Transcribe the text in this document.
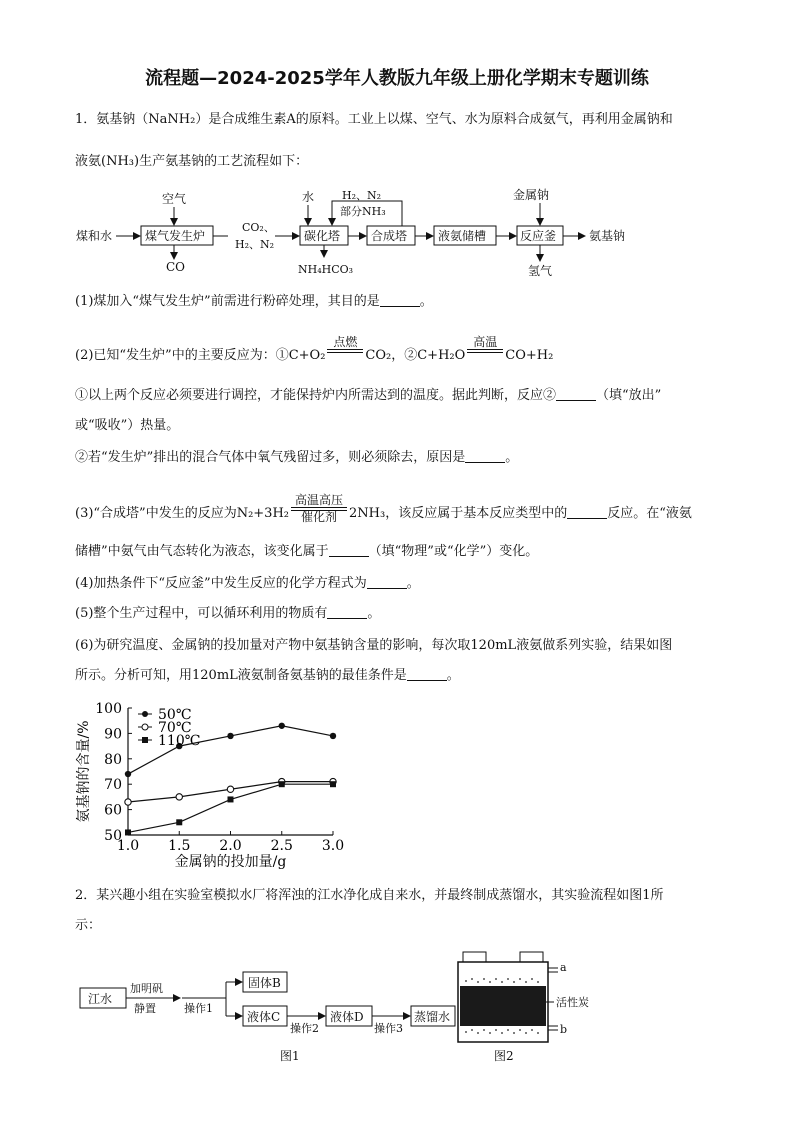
流程题—2024-2025学年人教版九年级上册化学期末专题训练
1．氨基钠（NaNH₂）是合成维生素A的原料。工业上以煤、空气、水为原料合成氨气，再利用金属钠和
液氨(NH₃)生产氨基钠的工艺流程如下：
煤和水
空气
煤气发生炉
CO
CO₂、
H₂、N₂
水
碳化塔
NH₄HCO₃
H₂、N₂
部分NH₃
合成塔	液氨储槽
金属钠
反应釜	氨基钠
氢气
(1)煤加入“煤气发生炉”前需进行粉碎处理，其目的是	。
(2)已知“发生炉”中的主要反应为：①C+O₂
点燃
CO₂，②C+H₂O
高温
CO+H₂
①以上两个反应必须要进行调控，才能保持炉内所需达到的温度。据此判断，反应②	（填“放出”
或“吸收”）热量。
②若“发生炉”排出的混合气体中氧气残留过多，则必须除去，原因是	。
(3)“合成塔”中发生的反应为N₂+3H₂
高温高压
催化剂 2NH₃，该反应属于基本反应类型中的	反应。在“液氨
储槽”中氨气由气态转化为液态，该变化属于	（填“物理”或“化学”）变化。
(4)加热条件下“反应釜”中发生反应的化学方程式为	。
(5)整个生产过程中，可以循环利用的物质有	。
(6)为研究温度、金属钠的投加量对产物中氨基钠含量的影响，每次取120mL液氨做系列实验，结果如图
所示。分析可知，用120mL液氨制备氨基钠的最佳条件是	。
50
60
70
80
90
100
1.0 1.5 2.0 2.5 3.0
金属钠的投加量/g
氨基钠的含量/%
50℃
70℃
110℃
2．某兴趣小组在实验室模拟水厂将浑浊的江水净化成自来水，并最终制成蒸馏水，其实验流程如图1所
示：
江水
加明矾
静置	操作1
固体B
液体C
操作2
液体D
操作3
蒸馏水
图1
a
b
活性炭
图2
